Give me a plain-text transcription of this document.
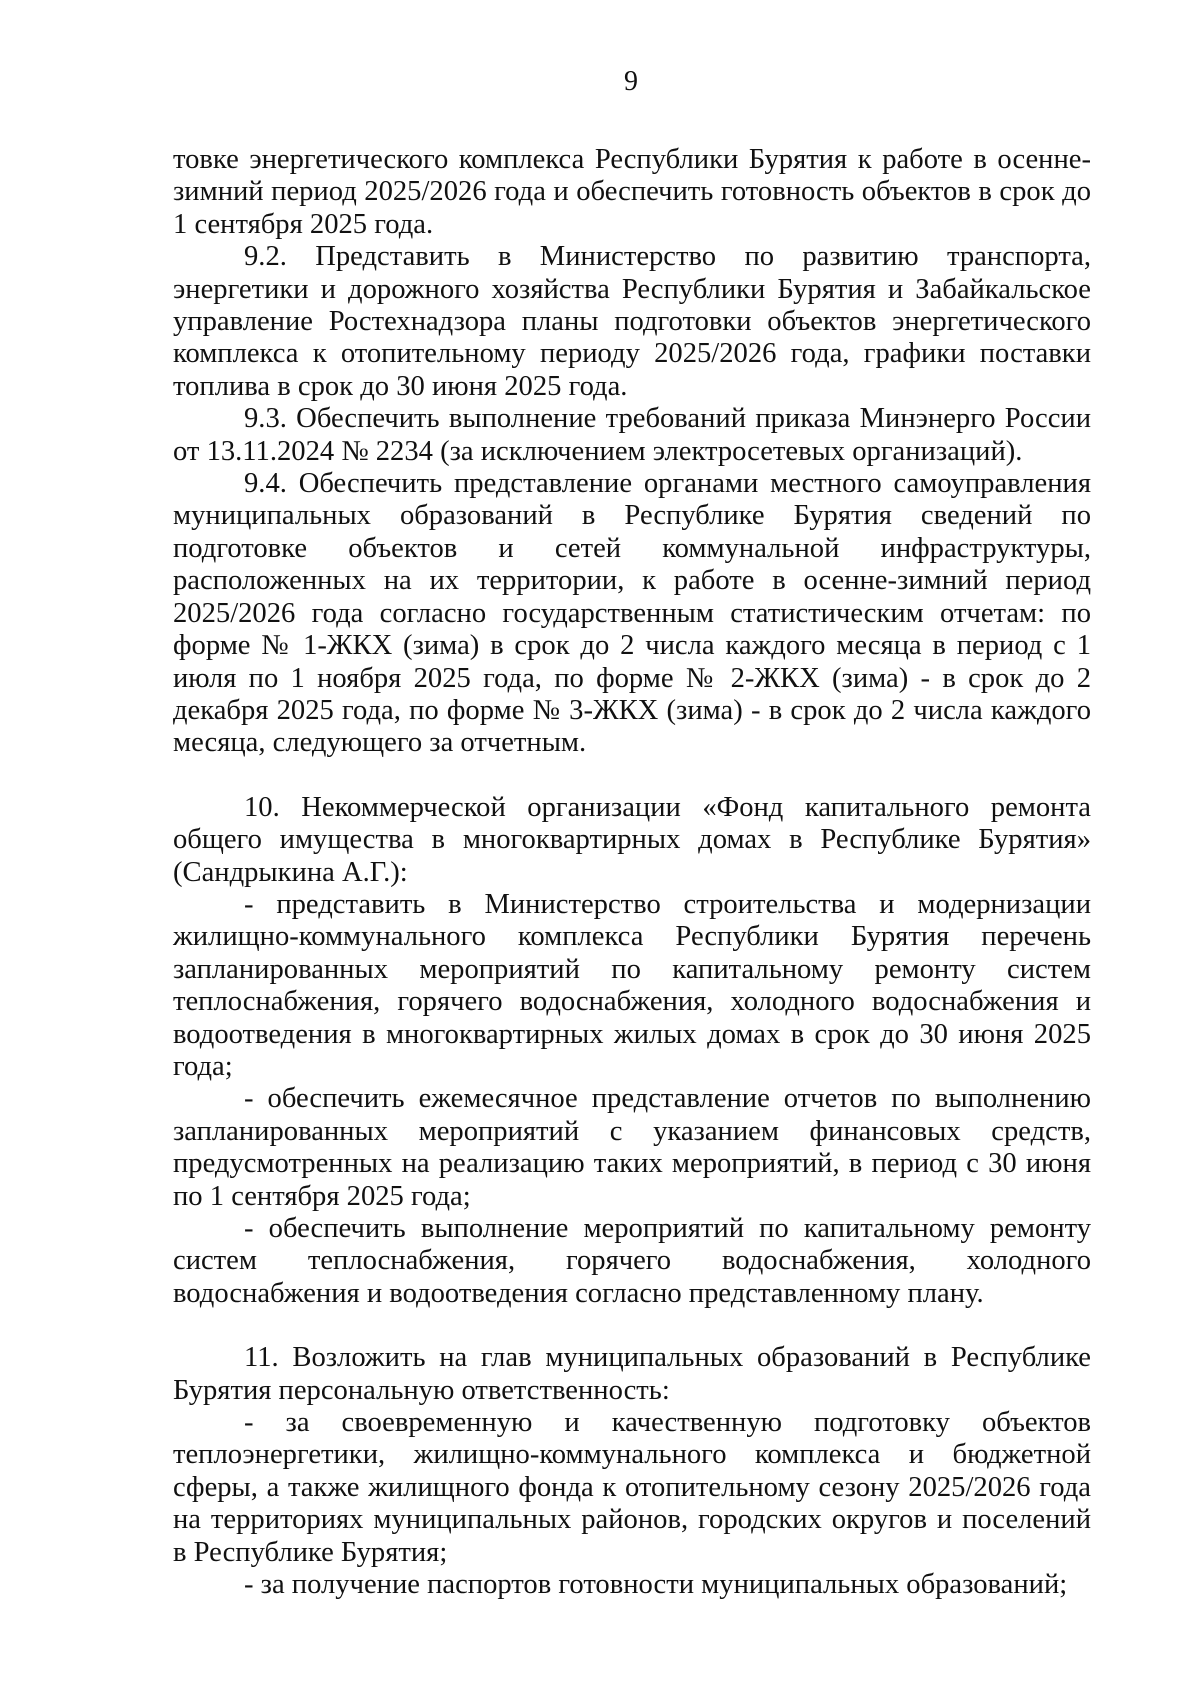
9

товке энергетического комплекса Республики Бурятия к работе в осенне-зимний период 2025/2026 года и обеспечить готовность объектов в срок до 1 сентября 2025 года.

9.2. Представить в Министерство по развитию транспорта, энергетики и дорожного хозяйства Республики Бурятия и Забайкальское управление Ростехнадзора планы подготовки объектов энергетического комплекса к отопительному периоду 2025/2026 года, графики поставки топлива в срок до 30 июня 2025 года.

9.3. Обеспечить выполнение требований приказа Минэнерго России от 13.11.2024 № 2234 (за исключением электросетевых организаций).

9.4. Обеспечить представление органами местного самоуправления муниципальных образований в Республике Бурятия сведений по подготовке объектов и сетей коммунальной инфраструктуры, расположенных на их территории, к работе в осенне-зимний период 2025/2026 года согласно государственным статистическим отчетам: по форме № 1-ЖКХ (зима) в срок до 2 числа каждого месяца в период с 1 июля по 1 ноября 2025 года, по форме № 2-ЖКХ (зима) - в срок до 2 декабря 2025 года, по форме № 3-ЖКХ (зима) - в срок до 2 числа каждого месяца, следующего за отчетным.

10. Некоммерческой организации «Фонд капитального ремонта общего имущества в многоквартирных домах в Республике Бурятия» (Сандрыкина А.Г.):

- представить в Министерство строительства и модернизации жилищно-коммунального комплекса Республики Бурятия перечень запланированных мероприятий по капитальному ремонту систем теплоснабжения, горячего водоснабжения, холодного водоснабжения и водоотведения в многоквартирных жилых домах в срок до 30 июня 2025 года;

- обеспечить ежемесячное представление отчетов по выполнению запланированных мероприятий с указанием финансовых средств, предусмотренных на реализацию таких мероприятий, в период с 30 июня по 1 сентября 2025 года;

- обеспечить выполнение мероприятий по капитальному ремонту систем теплоснабжения, горячего водоснабжения, холодного водоснабжения и водоотведения согласно представленному плану.

11. Возложить на глав муниципальных образований в Республике Бурятия персональную ответственность:

- за своевременную и качественную подготовку объектов теплоэнергетики, жилищно-коммунального комплекса и бюджетной сферы, а также жилищного фонда к отопительному сезону 2025/2026 года на территориях муниципальных районов, городских округов и поселений в Республике Бурятия;

- за получение паспортов готовности муниципальных образований;
